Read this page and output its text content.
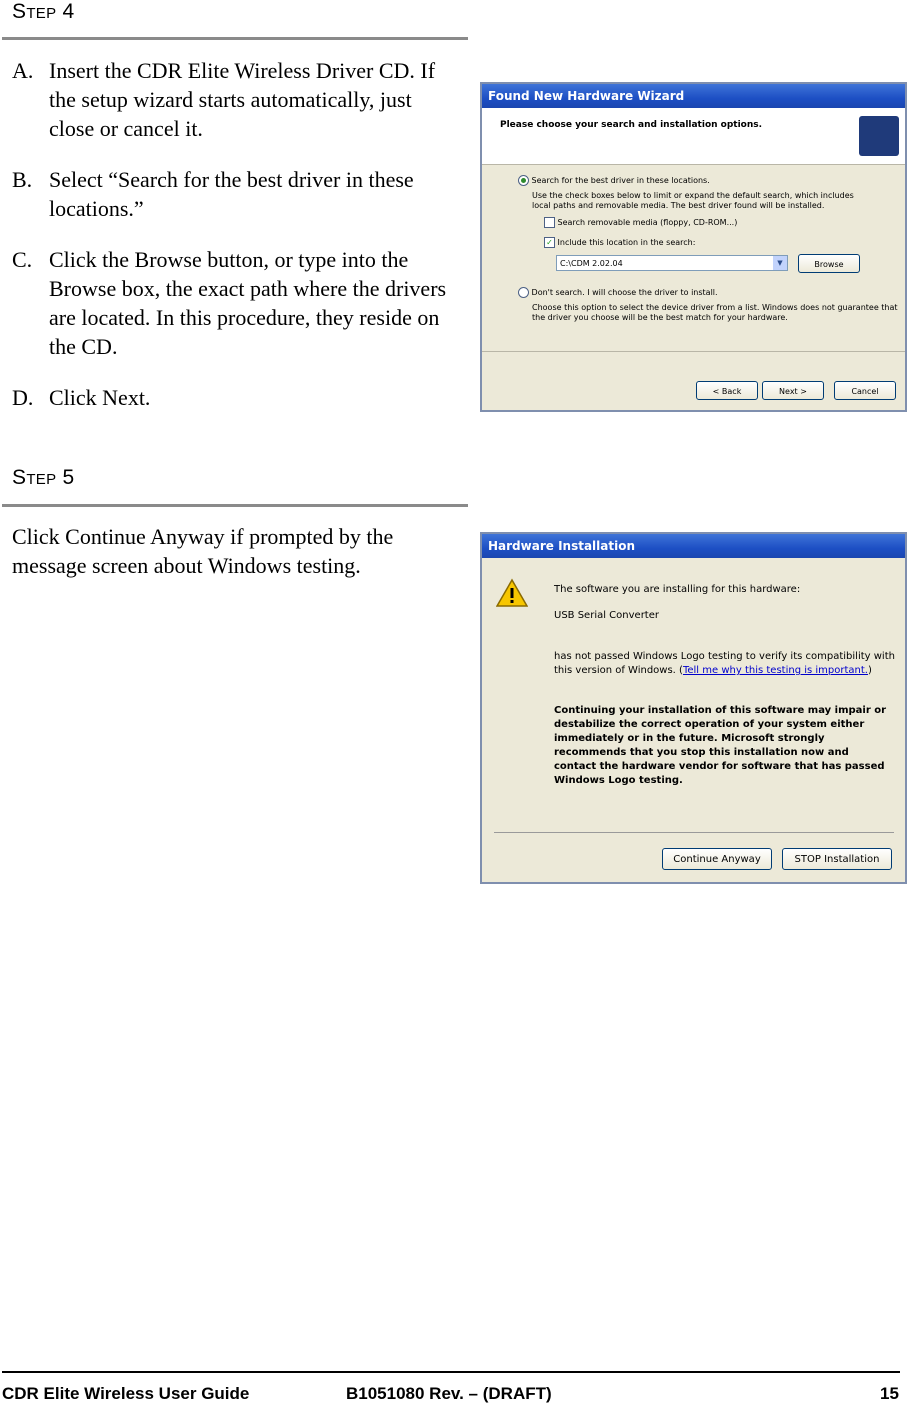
STEP 4
A. Insert the CDR Elite Wireless Driver CD. If the setup wizard starts automatically, just close or cancel it.
B. Select “Search for the best driver in these locations.”
C. Click the Browse button, or type into the Browse box, the exact path where the drivers are located. In this procedure, they reside on the CD.
D. Click Next.
Found New Hardware Wizard
Please choose your search and installation options.
Search for the best driver in these locations.
Use the check boxes below to limit or expand the default search, which includes local paths and removable media. The best driver found will be installed.
Search removable media (floppy, CD-ROM...)
✓ Include this location in the search:
C:\CDM 2.02.04	▼	Browse
Don't search. I will choose the driver to install.
Choose this option to select the device driver from a list. Windows does not guarantee that the driver you choose will be the best match for your hardware.
< Back	Next >	Cancel
STEP 5
Click Continue Anyway if prompted by the message screen about Windows testing.
Hardware Installation
The software you are installing for this hardware:
USB Serial Converter
has not passed Windows Logo testing to verify its compatibility with this version of Windows. (Tell me why this testing is important.)
Continuing your installation of this software may impair or destabilize the correct operation of your system either immediately or in the future. Microsoft strongly recommends that you stop this installation now and contact the hardware vendor for software that has passed Windows Logo testing.
Continue Anyway	STOP Installation
CDR Elite Wireless User Guide	B1051080 Rev. – (DRAFT)	15
